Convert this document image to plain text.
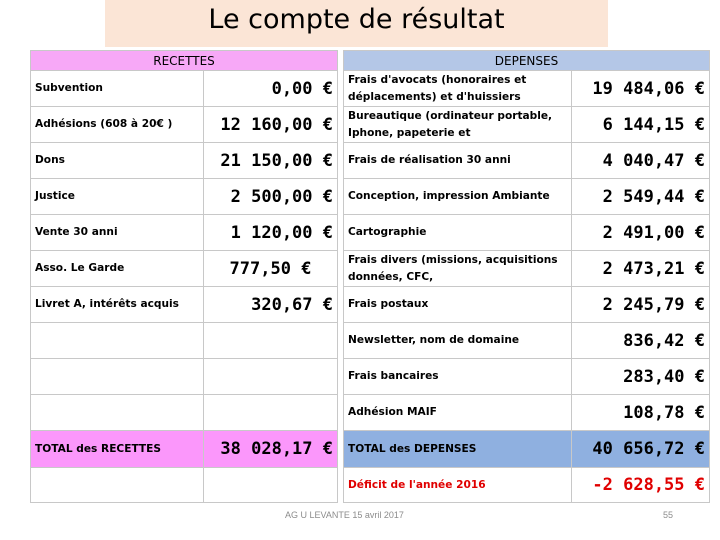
Le compte de résultat
RECETTES	
Subvention	0,00 €
Adhésions (608 à 20€ )	12 160,00 €
Dons	21 150,00 €
Justice	2 500,00 €
Vente 30 anni	1 120,00 €
Asso. Le Garde	777,50 €
Livret A, intérêts acquis	320,67 €

TOTAL des RECETTES	38 028,17 €

DEPENSES	
Frais d'avocats (honoraires et déplacements) et d'huissiers	19 484,06 €
Bureautique (ordinateur portable, Iphone, papeterie et	6 144,15 €
Frais de réalisation 30 anni	4 040,47 €
Conception, impression Ambiante	2 549,44 €
Cartographie	2 491,00 €
Frais divers (missions, acquisitions données, CFC,	2 473,21 €
Frais postaux	2 245,79 €
Newsletter, nom de domaine	836,42 €
Frais bancaires	283,40 €
Adhésion MAIF	108,78 €
TOTAL des DEPENSES	40 656,72 €
Déficit de l'année 2016	-2 628,55 €
AG U LEVANTE 15 avril 2017	55
